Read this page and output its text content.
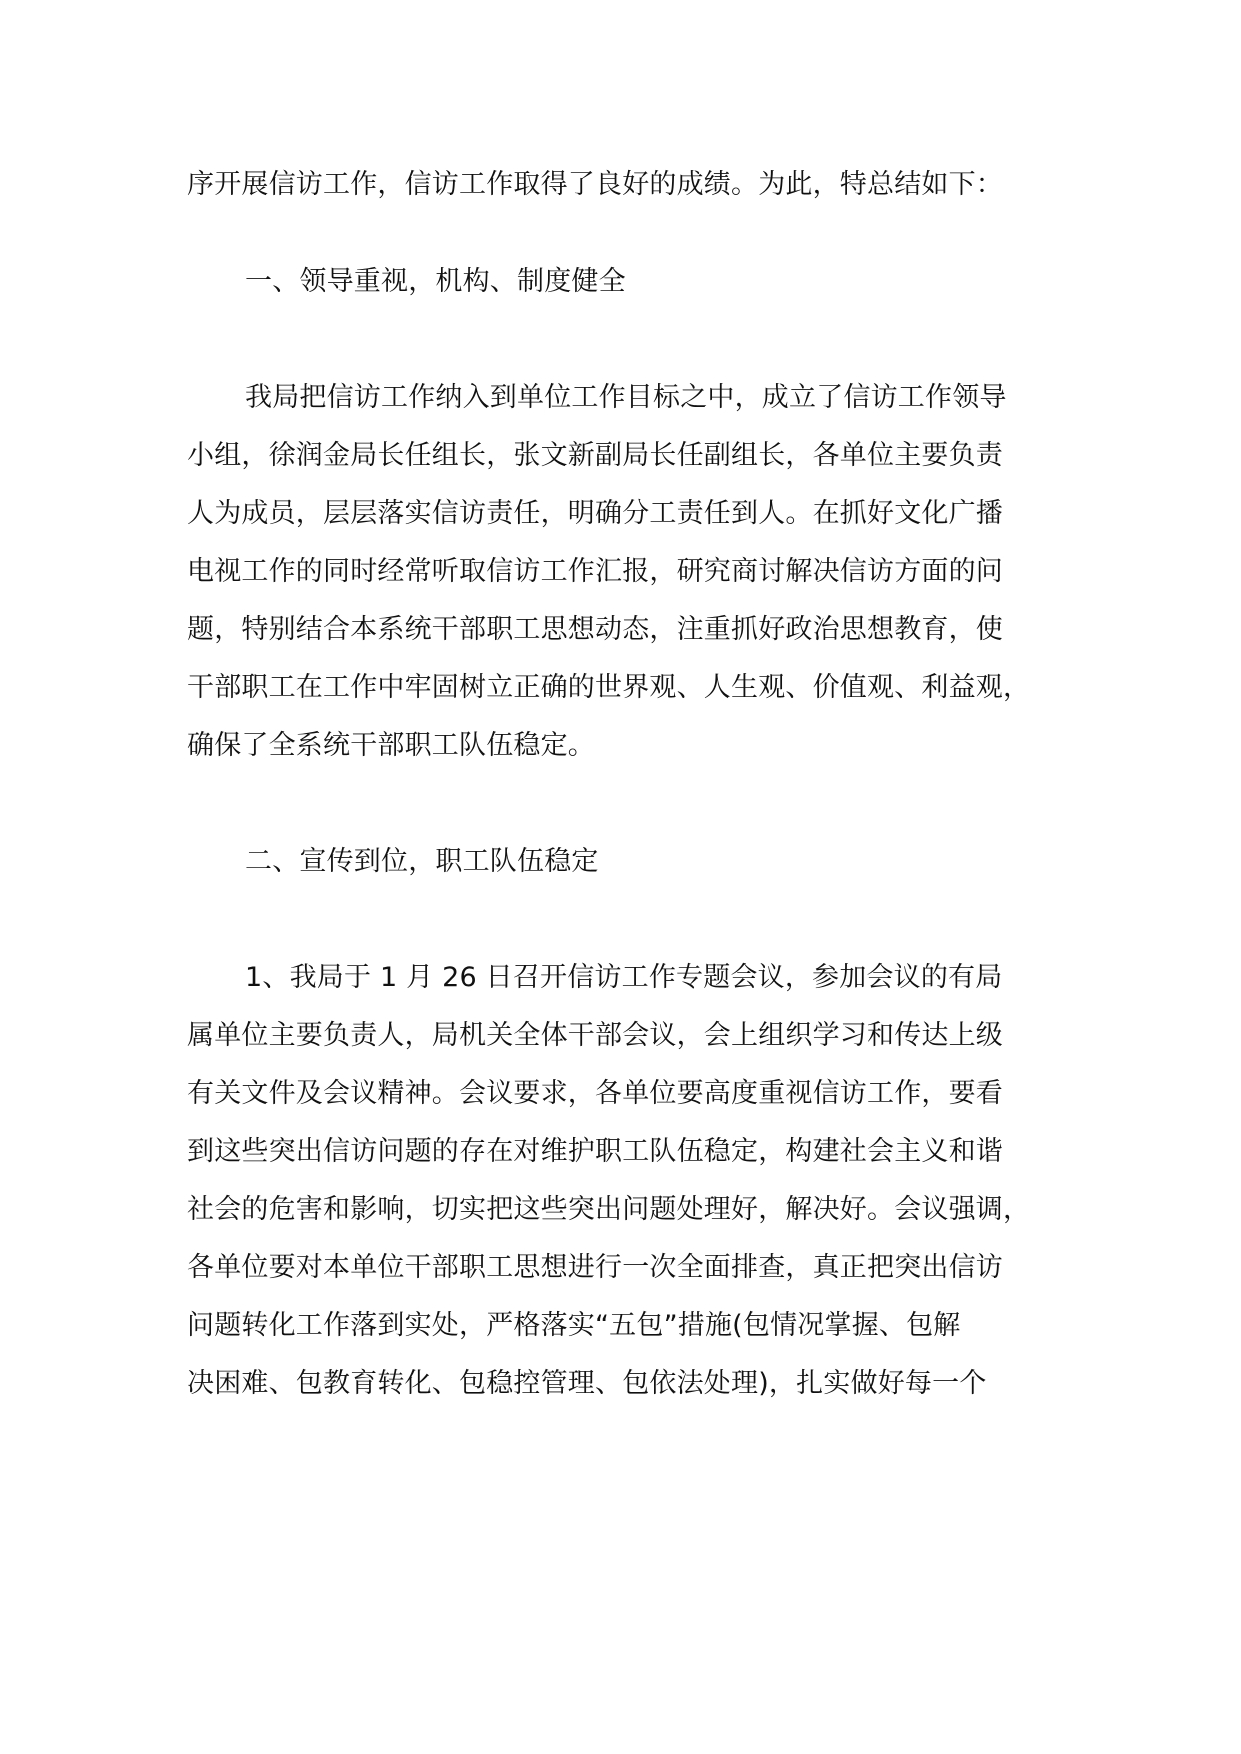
序开展信访工作，信访工作取得了良好的成绩。为此，特总结如下：
一、领导重视，机构、制度健全
我局把信访工作纳入到单位工作目标之中，成立了信访工作领导
小组，徐润金局长任组长，张文新副局长任副组长，各单位主要负责
人为成员，层层落实信访责任，明确分工责任到人。在抓好文化广播
电视工作的同时经常听取信访工作汇报，研究商讨解决信访方面的问
题，特别结合本系统干部职工思想动态，注重抓好政治思想教育，使
干部职工在工作中牢固树立正确的世界观、人生观、价值观、利益观，
确保了全系统干部职工队伍稳定。
二、宣传到位，职工队伍稳定
1、我局于 1 月 26 日召开信访工作专题会议，参加会议的有局
属单位主要负责人，局机关全体干部会议，会上组织学习和传达上级
有关文件及会议精神。会议要求，各单位要高度重视信访工作，要看
到这些突出信访问题的存在对维护职工队伍稳定，构建社会主义和谐
社会的危害和影响，切实把这些突出问题处理好，解决好。会议强调，
各单位要对本单位干部职工思想进行一次全面排查，真正把突出信访
问题转化工作落到实处，严格落实“五包”措施(包情况掌握、包解
决困难、包教育转化、包稳控管理、包依法处理)，扎实做好每一个
